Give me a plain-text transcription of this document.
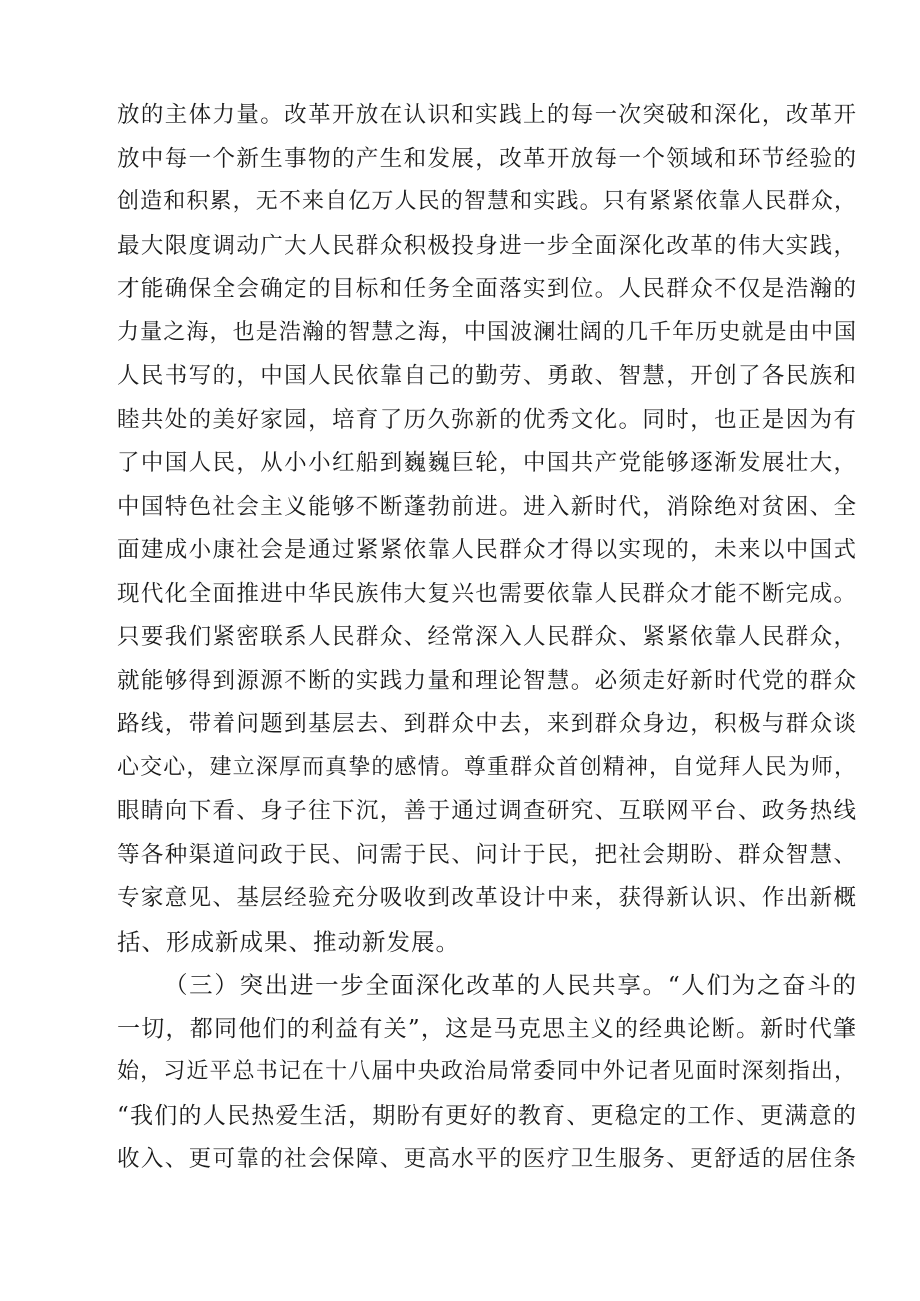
放的主体力量。改革开放在认识和实践上的每一次突破和深化，改革开
放中每一个新生事物的产生和发展，改革开放每一个领域和环节经验的
创造和积累，无不来自亿万人民的智慧和实践。只有紧紧依靠人民群众，
最大限度调动广大人民群众积极投身进一步全面深化改革的伟大实践，
才能确保全会确定的目标和任务全面落实到位。人民群众不仅是浩瀚的
力量之海，也是浩瀚的智慧之海，中国波澜壮阔的几千年历史就是由中国
人民书写的，中国人民依靠自己的勤劳、勇敢、智慧，开创了各民族和
睦共处的美好家园，培育了历久弥新的优秀文化。同时，也正是因为有
了中国人民，从小小红船到巍巍巨轮，中国共产党能够逐渐发展壮大，
中国特色社会主义能够不断蓬勃前进。进入新时代，消除绝对贫困、全
面建成小康社会是通过紧紧依靠人民群众才得以实现的，未来以中国式
现代化全面推进中华民族伟大复兴也需要依靠人民群众才能不断完成。
只要我们紧密联系人民群众、经常深入人民群众、紧紧依靠人民群众，
就能够得到源源不断的实践力量和理论智慧。必须走好新时代党的群众
路线，带着问题到基层去、到群众中去，来到群众身边，积极与群众谈
心交心，建立深厚而真挚的感情。尊重群众首创精神，自觉拜人民为师，
眼睛向下看、身子往下沉，善于通过调查研究、互联网平台、政务热线
等各种渠道问政于民、问需于民、问计于民，把社会期盼、群众智慧、
专家意见、基层经验充分吸收到改革设计中来，获得新认识、作出新概
括、形成新成果、推动新发展。
（三）突出进一步全面深化改革的人民共享。“人们为之奋斗的
一切，都同他们的利益有关”，这是马克思主义的经典论断。新时代肇
始，习近平总书记在十八届中央政治局常委同中外记者见面时深刻指出，
“我们的人民热爱生活，期盼有更好的教育、更稳定的工作、更满意的
收入、更可靠的社会保障、更高水平的医疗卫生服务、更舒适的居住条
